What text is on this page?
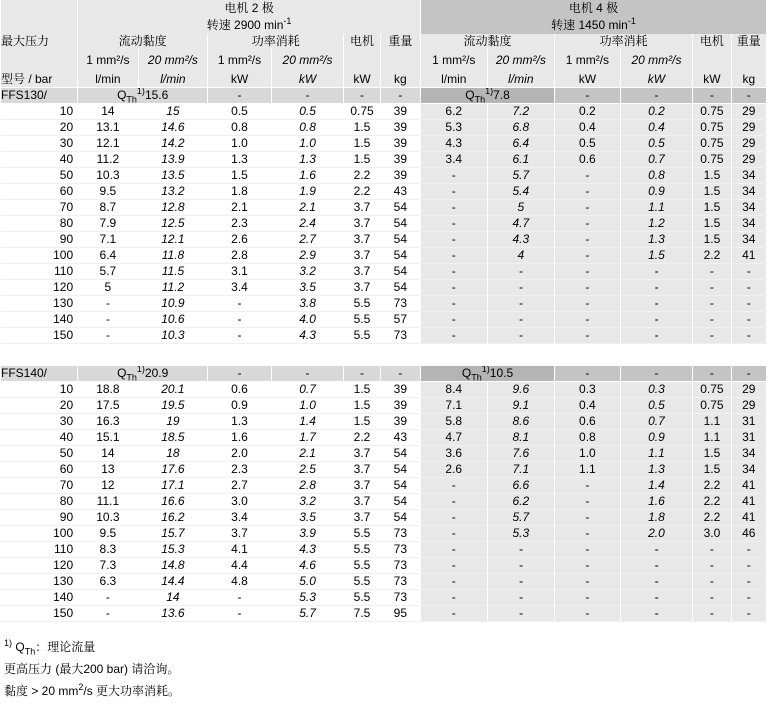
	电机 2 极						电机 4 极					
	转速 2900 $\min^{-1}$						转速 1450 $\min^{-1}$
最大压力	流动黏度		功率消耗		电机	重量	流动黏度		功率消耗		电机	重量
	1 mm²/s	20 mm²/s	1 mm²/s	20 mm²/s			1 mm²/s	20 mm²/s	1 mm²/s	20 mm²/s		
型号 / bar	l/min	l/min	kW	kW	kW	kg	l/min	l/min	kW	kW	kW	kg
FFS130/	$Q_{Th}^{1)}15.6$		-	-	-	-	$Q_{Th}^{1)}7.8$		-	-	-	-
10	14	15	0.5	0.5	0.75	39	6.2	7.2	0.2	0.2	0.75	29
20	13.1	14.6	0.8	0.8	1.5	39	5.3	6.8	0.4	0.4	0.75	29
30	12.1	14.2	1.0	1.0	1.5	39	4.3	6.4	0.5	0.5	0.75	29
40	11.2	13.9	1.3	1.3	1.5	39	3.4	6.1	0.6	0.7	0.75	29
50	10.3	13.5	1.5	1.6	2.2	39	-	5.7	-	0.8	1.5	34
60	9.5	13.2	1.8	1.9	2.2	43	-	5.4	-	0.9	1.5	34
70	8.7	12.8	2.1	2.1	3.7	54	-	5	-	1.1	1.5	34
80	7.9	12.5	2.3	2.4	3.7	54	-	4.7	-	1.2	1.5	34
90	7.1	12.1	2.6	2.7	3.7	54	-	4.3	-	1.3	1.5	34
100	6.4	11.8	2.8	2.9	3.7	54	-	4	-	1.5	2.2	41
110	5.7	11.5	3.1	3.2	3.7	54	-	-	-	-	-	-
120	5	11.2	3.4	3.5	3.7	54	-	-	-	-	-	-
130	-	10.9	-	3.8	5.5	73	-	-	-	-	-	-
140	-	10.6	-	4.0	5.5	57	-	-	-	-	-	-
150	-	10.3	-	4.3	5.5	73	-	-	-	-	-	-

FFS140/	$Q_{Th}^{1)}20.9$		-	-	-	-	$Q_{Th}^{1)}10.5$		-	-	-	-
10	18.8	20.1	0.6	0.7	1.5	39	8.4	9.6	0.3	0.3	0.75	29
20	17.5	19.5	0.9	1.0	1.5	39	7.1	9.1	0.4	0.5	0.75	29
30	16.3	19	1.3	1.4	1.5	39	5.8	8.6	0.6	0.7	1.1	31
40	15.1	18.5	1.6	1.7	2.2	43	4.7	8.1	0.8	0.9	1.1	31
50	14	18	2.0	2.1	3.7	54	3.6	7.6	1.0	1.1	1.5	34
60	13	17.6	2.3	2.5	3.7	54	2.6	7.1	1.1	1.3	1.5	34
70	12	17.1	2.7	2.8	3.7	54	-	6.6	-	1.4	2.2	41
80	11.1	16.6	3.0	3.2	3.7	54	-	6.2	-	1.6	2.2	41
90	10.3	16.2	3.4	3.5	3.7	54	-	5.7	-	1.8	2.2	41
100	9.5	15.7	3.7	3.9	5.5	73	-	5.3	-	2.0	3.0	46
110	8.3	15.3	4.1	4.3	5.5	73	-	-	-	-	-	-
120	7.3	14.8	4.4	4.6	5.5	73	-	-	-	-	-	-
130	6.3	14.4	4.8	5.0	5.5	73	-	-	-	-	-	-
140	-	14	-	5.3	5.5	73	-	-	-	-	-	-
150	-	13.6	-	5.7	7.5	95	-	-	-	-	-	-
$^{1)}$ $Q_{Th}$：理论流量
更高压力 (最大200 bar) 请洽询。
黏度 > 20 $mm^2/s$ 更大功率消耗。
